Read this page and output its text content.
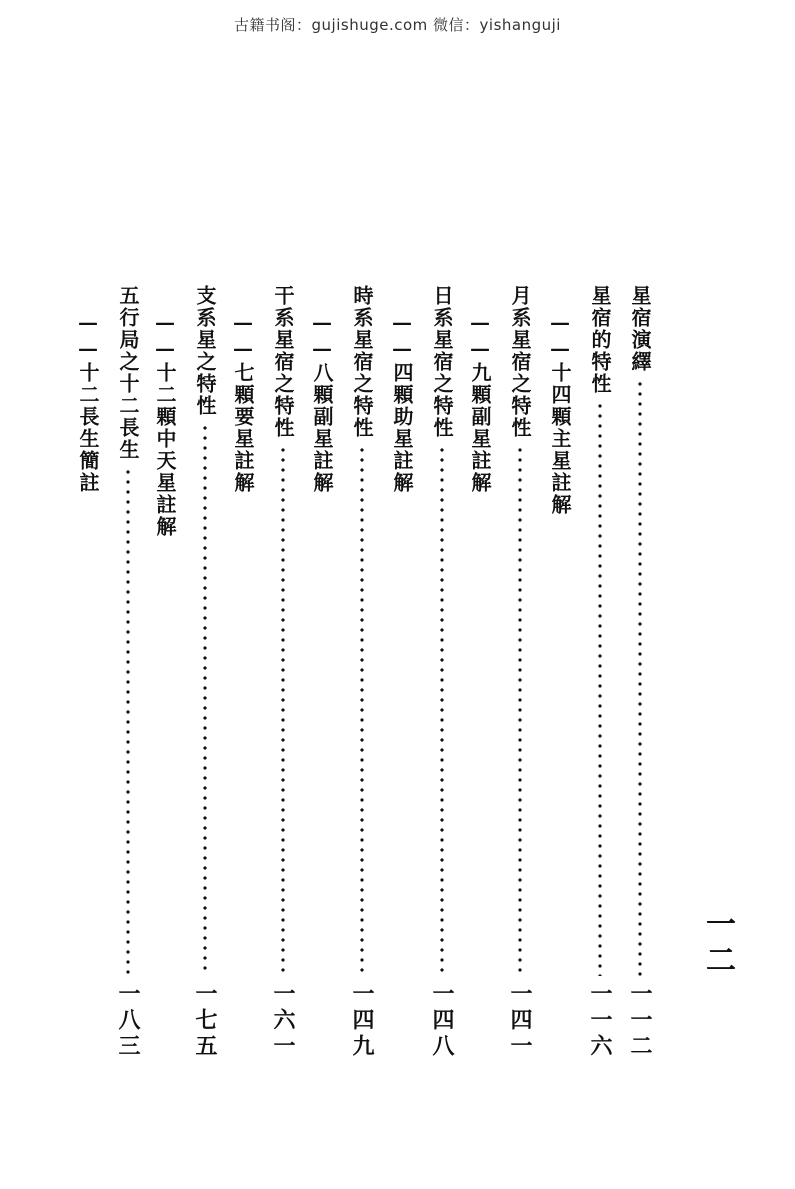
古籍书阁：gujishuge.com 微信：yishanguji
星宿演繹
一一二
星宿的特性
一一六
——十四顆主星註解
月系星宿之特性
一四一
——九顆副星註解
日系星宿之特性
一四八
——四顆助星註解
時系星宿之特性
一四九
——八顆副星註解
干系星宿之特性
一六一
——七顆要星註解
支系星之特性
一七五
——十二顆中天星註解
五行局之十二長生
一八三
——十二長生簡註
一二
